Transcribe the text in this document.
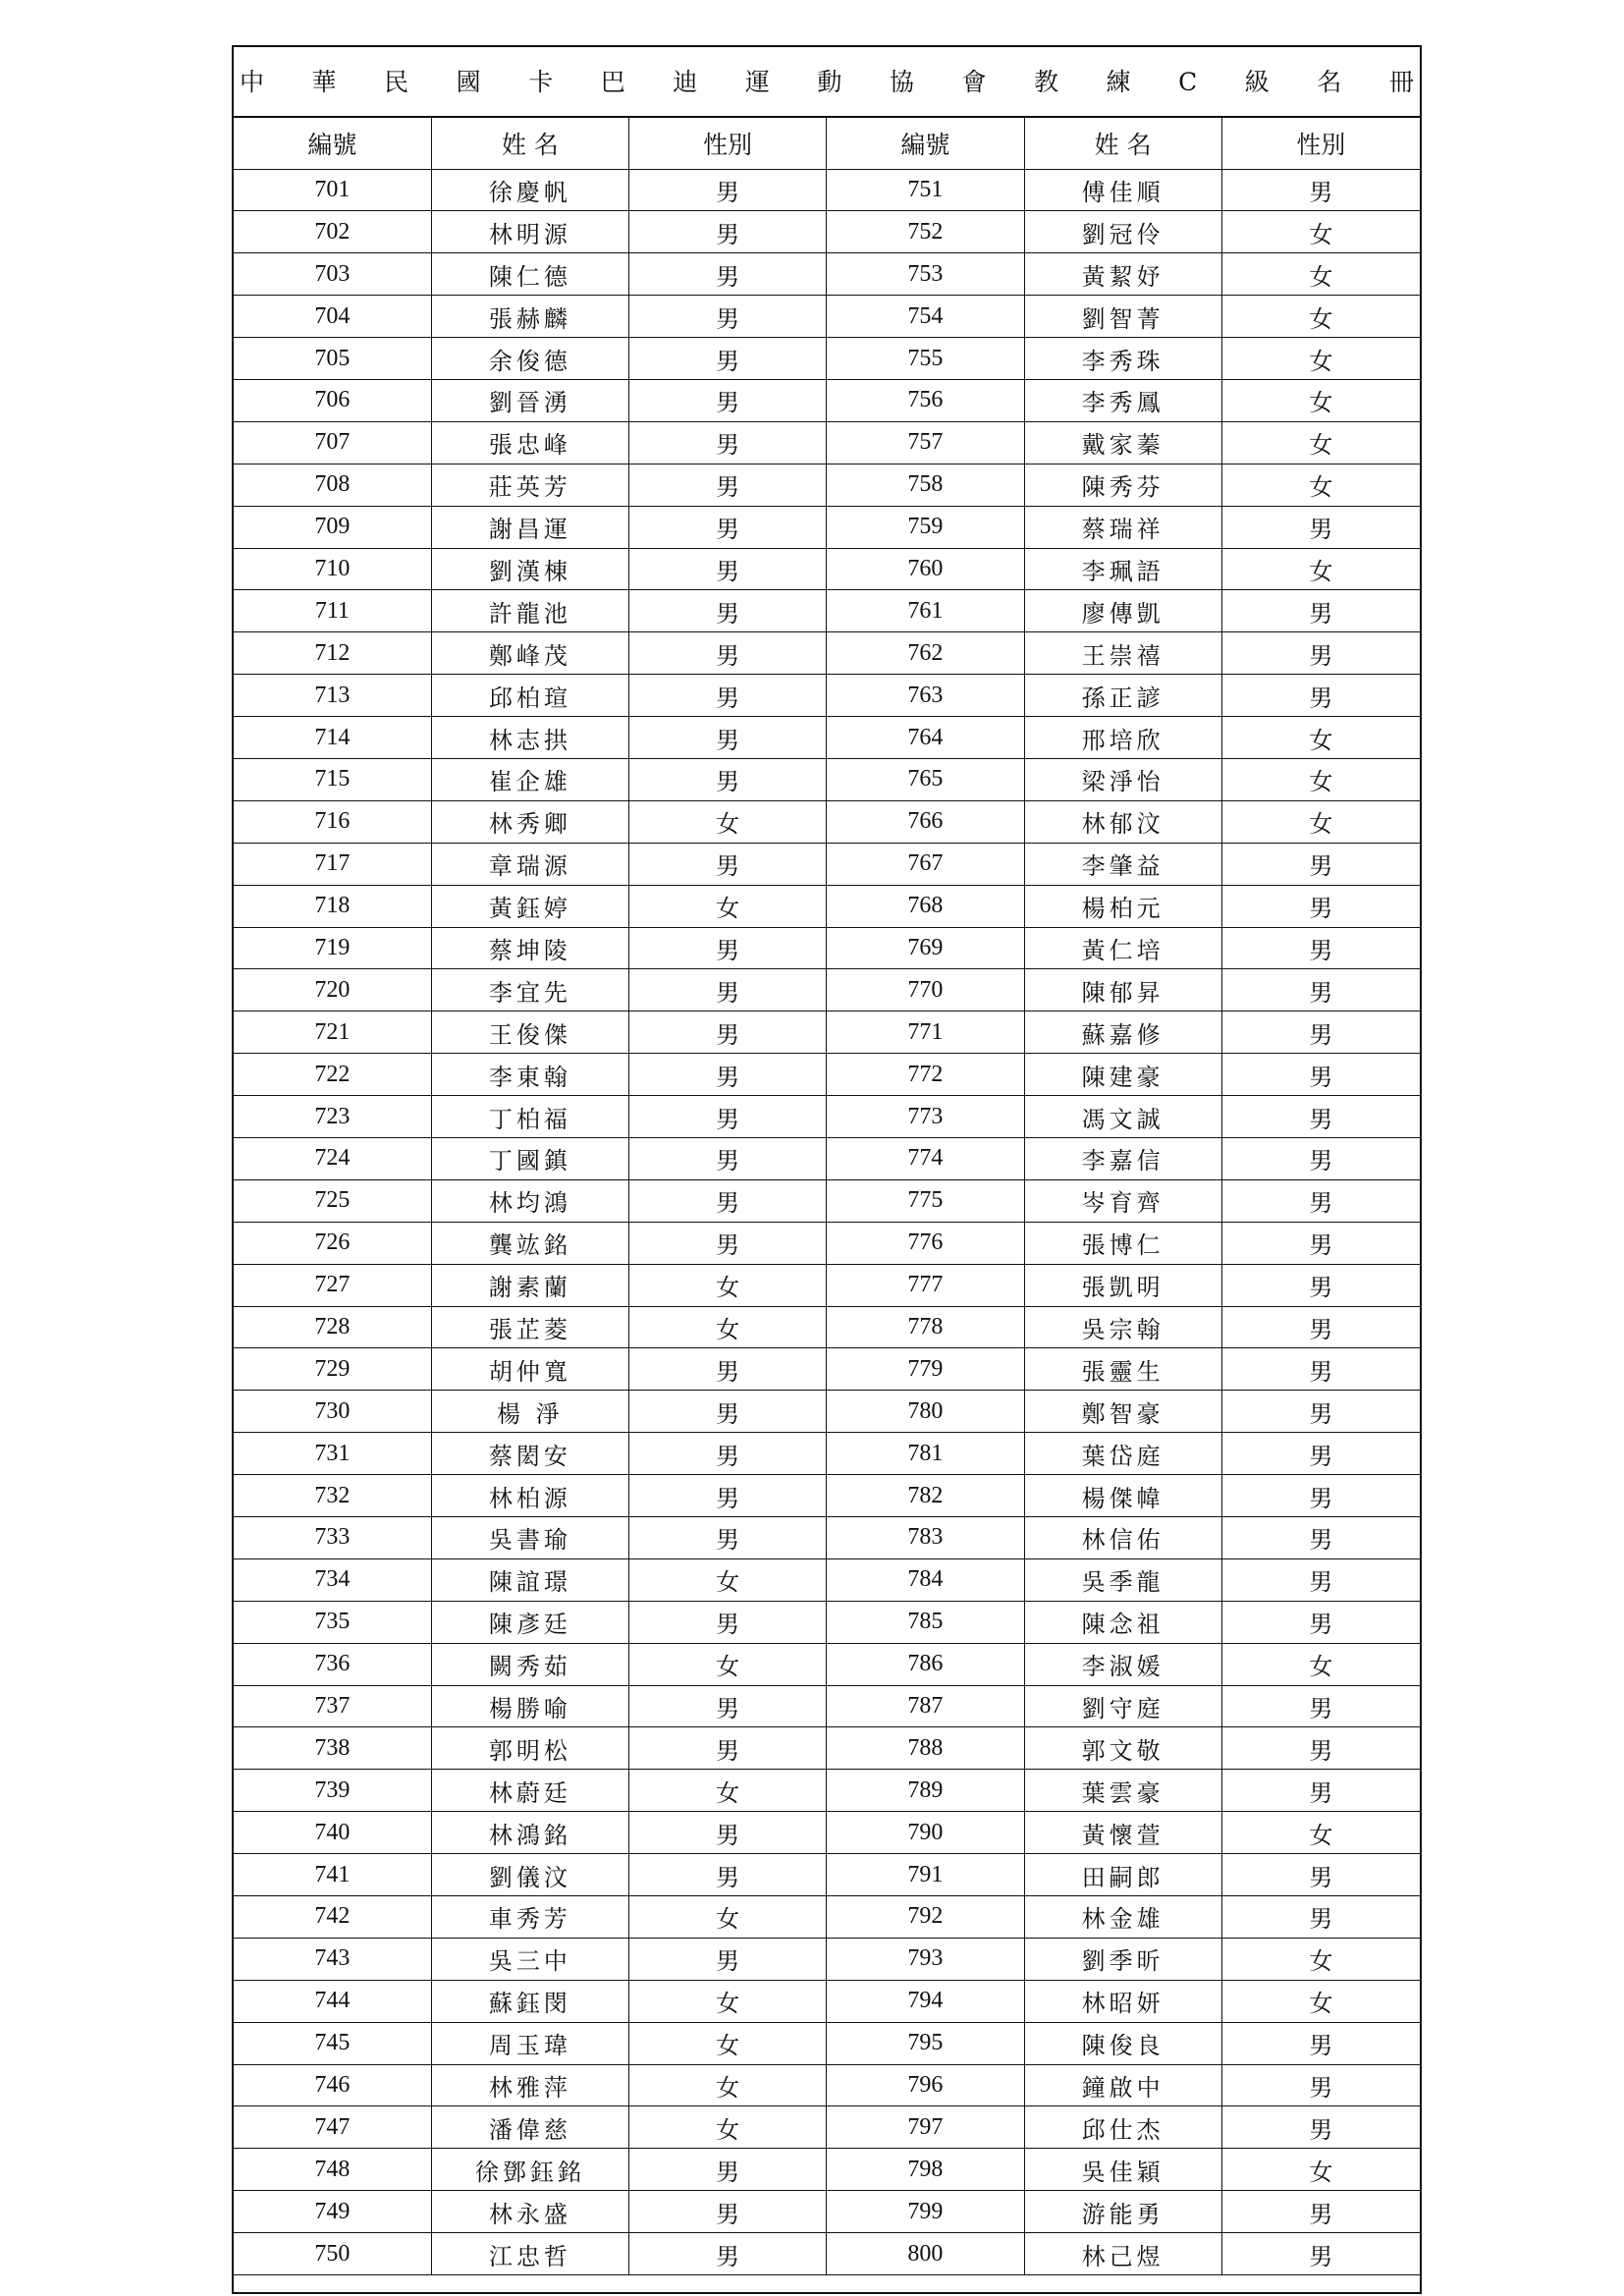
中 華 民 國 卡 巴 迪 運 動 協 會 教 練 C 級 名 冊
編號	姓 名	性別	編號	姓 名	性別
701	徐慶帆	男	751	傅佳順	男
702	林明源	男	752	劉冠伶	女
703	陳仁德	男	753	黃絜妤	女
704	張赫麟	男	754	劉智菁	女
705	余俊德	男	755	李秀珠	女
706	劉晉湧	男	756	李秀鳳	女
707	張忠峰	男	757	戴家蓁	女
708	莊英芳	男	758	陳秀芬	女
709	謝昌運	男	759	蔡瑞祥	男
710	劉漢棟	男	760	李珮語	女
711	許龍池	男	761	廖傳凱	男
712	鄭峰茂	男	762	王崇禧	男
713	邱柏瑄	男	763	孫正諺	男
714	林志拱	男	764	邢培欣	女
715	崔企雄	男	765	梁淨怡	女
716	林秀卿	女	766	林郁汶	女
717	章瑞源	男	767	李肇益	男
718	黃鈺婷	女	768	楊柏元	男
719	蔡坤陵	男	769	黃仁培	男
720	李宜先	男	770	陳郁昇	男
721	王俊傑	男	771	蘇嘉修	男
722	李東翰	男	772	陳建豪	男
723	丁柏福	男	773	馮文誠	男
724	丁國鎮	男	774	李嘉信	男
725	林均鴻	男	775	岑育齊	男
726	龔竑銘	男	776	張博仁	男
727	謝素蘭	女	777	張凱明	男
728	張芷菱	女	778	吳宗翰	男
729	胡仲寬	男	779	張靈生	男
730	楊 淨	男	780	鄭智豪	男
731	蔡閎安	男	781	葉岱庭	男
732	林柏源	男	782	楊傑幃	男
733	吳書瑜	男	783	林信佑	男
734	陳誼璟	女	784	吳季龍	男
735	陳彥廷	男	785	陳念祖	男
736	闕秀茹	女	786	李淑媛	女
737	楊勝喻	男	787	劉守庭	男
738	郭明松	男	788	郭文敬	男
739	林蔚廷	女	789	葉雲豪	男
740	林鴻銘	男	790	黃懷萱	女
741	劉儀汶	男	791	田嗣郎	男
742	車秀芳	女	792	林金雄	男
743	吳三中	男	793	劉季昕	女
744	蘇鈺閔	女	794	林昭妍	女
745	周玉瑋	女	795	陳俊良	男
746	林雅萍	女	796	鐘啟中	男
747	潘偉慈	女	797	邱仕杰	男
748	徐鄧鈺銘	男	798	吳佳穎	女
749	林永盛	男	799	游能勇	男
750	江忠哲	男	800	林己煜	男
